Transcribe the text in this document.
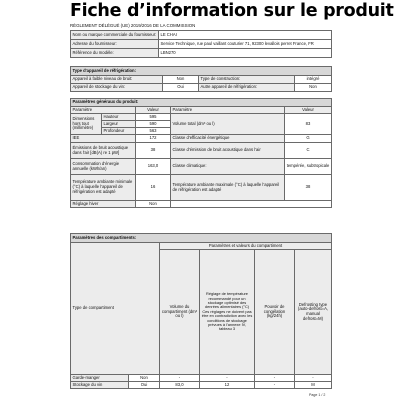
Fiche d’information sur le produit
RÈGLEMENT DÉLÉGUÉ (UE) 2019/2016 DE LA COMMISSION
Nom ou marque commerciale du fournisseur:	LE CHAI
Adresse du fournisseur:	Service Technique, rue paul vaillant couturier 71, 92300 levallois perret France, FR
Référence du modèle:	LBN270
Type d'appareil de réfrigération:			
Appareil à faible niveau de bruit:	Non	Type de construction:	intégré
Appareil de stockage du vin:	Oui	Autre appareil de réfrigération:	Non
Paramètres généraux du produit:				
Paramètre		Valeur	Paramètre	Valeur
Dimensions hors tout (millimètre)	Hauteur	595	Volume total (dm³ ou l)	83
	Largeur	590		
	Profondeur	563		
IEE		172	Classe d’efficacité énergétique	G
Émissions de bruit acoustique dans l'air [dB(A) re 1 pW]		38	Classe d’émission de bruit acoustique dans l’air	C
Consommation d’énergie annuelle (kWh/an)		163,0	Classe climatique:	tempérée, subtropicale
Température ambiante minimale (°C) à laquelle l’appareil de réfrigération est adapté		16	Température ambiante maximale (°C) à laquelle l’appareil de réfrigération est adapté	38
Réglage hiver		Non		
Paramètres des compartiments:					
Type de compartiment		Paramètres et valeurs du compartiment			
		Volume du compartiment (dm³ ou l)	Réglage de température recommandé pour un stockage optimisé des denrées alimentaires (°C) Ces réglages ne doivent pas être en contradiction avec les conditions de stockage prévues à l'annexe IV, tableau 3	Pouvoir de congélation (kg/24h)	Defrosting type (auto-defrost=A, manual defrost=M)
Garde-manger	Non	-	-	-	-
Stockage du vin	Oui	83,0	12	-	M
Page 1 / 2
